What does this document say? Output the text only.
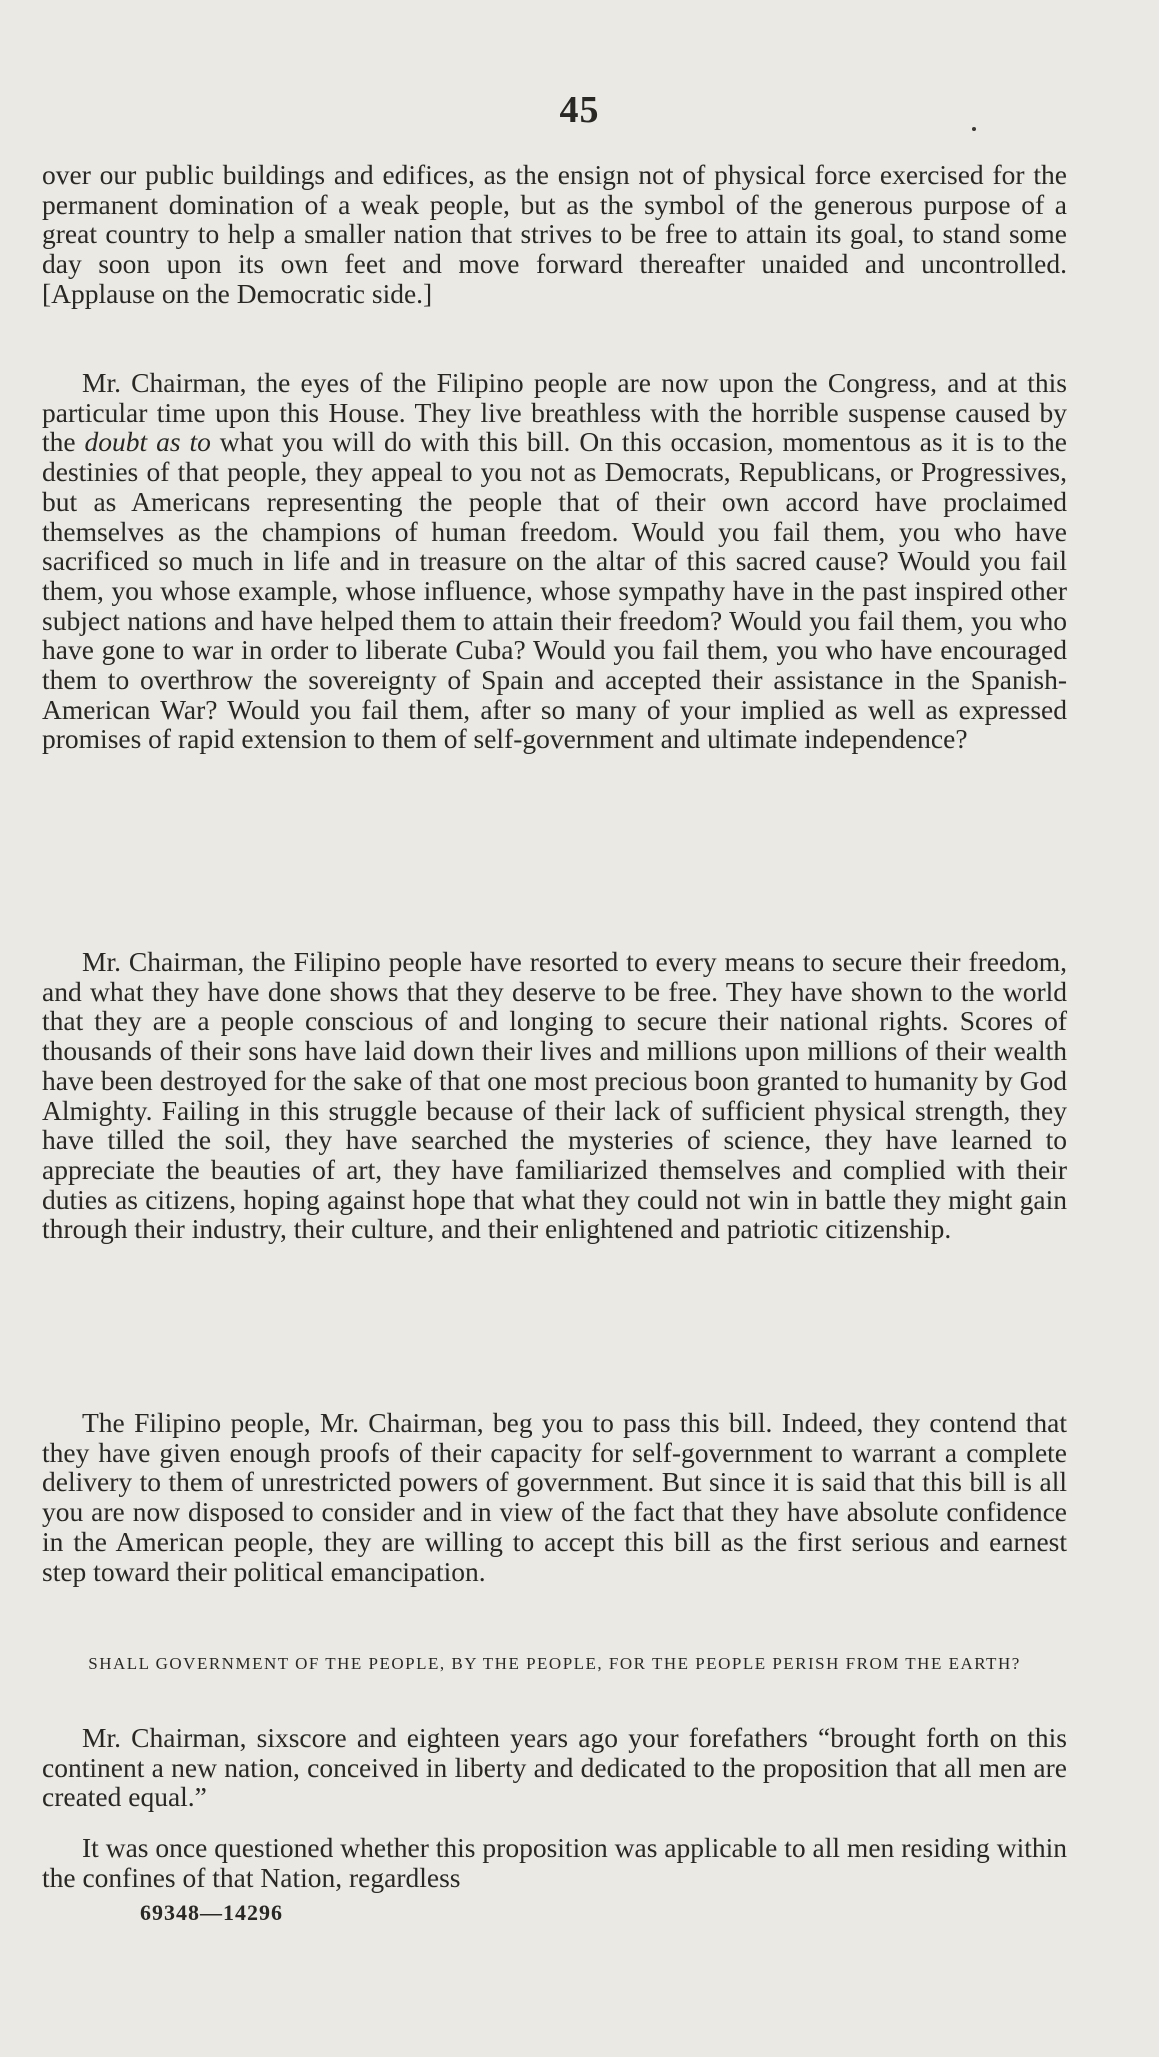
45

over our public buildings and edifices, as the ensign not of physical force exercised for the permanent domination of a weak people, but as the symbol of the generous purpose of a great country to help a smaller nation that strives to be free to attain its goal, to stand some day soon upon its own feet and move forward thereafter unaided and uncontrolled. [Applause on the Democratic side.]

Mr. Chairman, the eyes of the Filipino people are now upon the Congress, and at this particular time upon this House. They live breathless with the horrible suspense caused by the doubt as to what you will do with this bill. On this occasion, momentous as it is to the destinies of that people, they appeal to you not as Democrats, Republicans, or Progressives, but as Americans representing the people that of their own accord have proclaimed themselves as the champions of human freedom. Would you fail them, you who have sacrificed so much in life and in treasure on the altar of this sacred cause? Would you fail them, you whose example, whose influence, whose sympathy have in the past inspired other subject nations and have helped them to attain their freedom? Would you fail them, you who have gone to war in order to liberate Cuba? Would you fail them, you who have encouraged them to overthrow the sovereignty of Spain and accepted their assistance in the Spanish-American War? Would you fail them, after so many of your implied as well as expressed promises of rapid extension to them of self-government and ultimate independence?

Mr. Chairman, the Filipino people have resorted to every means to secure their freedom, and what they have done shows that they deserve to be free. They have shown to the world that they are a people conscious of and longing to secure their national rights. Scores of thousands of their sons have laid down their lives and millions upon millions of their wealth have been destroyed for the sake of that one most precious boon granted to humanity by God Almighty. Failing in this struggle because of their lack of sufficient physical strength, they have tilled the soil, they have searched the mysteries of science, they have learned to appreciate the beauties of art, they have familiarized themselves and complied with their duties as citizens, hoping against hope that what they could not win in battle they might gain through their industry, their culture, and their enlightened and patriotic citizenship.

The Filipino people, Mr. Chairman, beg you to pass this bill. Indeed, they contend that they have given enough proofs of their capacity for self-government to warrant a complete delivery to them of unrestricted powers of government. But since it is said that this bill is all you are now disposed to consider and in view of the fact that they have absolute confidence in the American people, they are willing to accept this bill as the first serious and earnest step toward their political emancipation.

SHALL GOVERNMENT OF THE PEOPLE, BY THE PEOPLE, FOR THE PEOPLE PERISH FROM THE EARTH?

Mr. Chairman, sixscore and eighteen years ago your forefathers “brought forth on this continent a new nation, conceived in liberty and dedicated to the proposition that all men are created equal.”

It was once questioned whether this proposition was applicable to all men residing within the confines of that Nation, regardless

69348—14296
